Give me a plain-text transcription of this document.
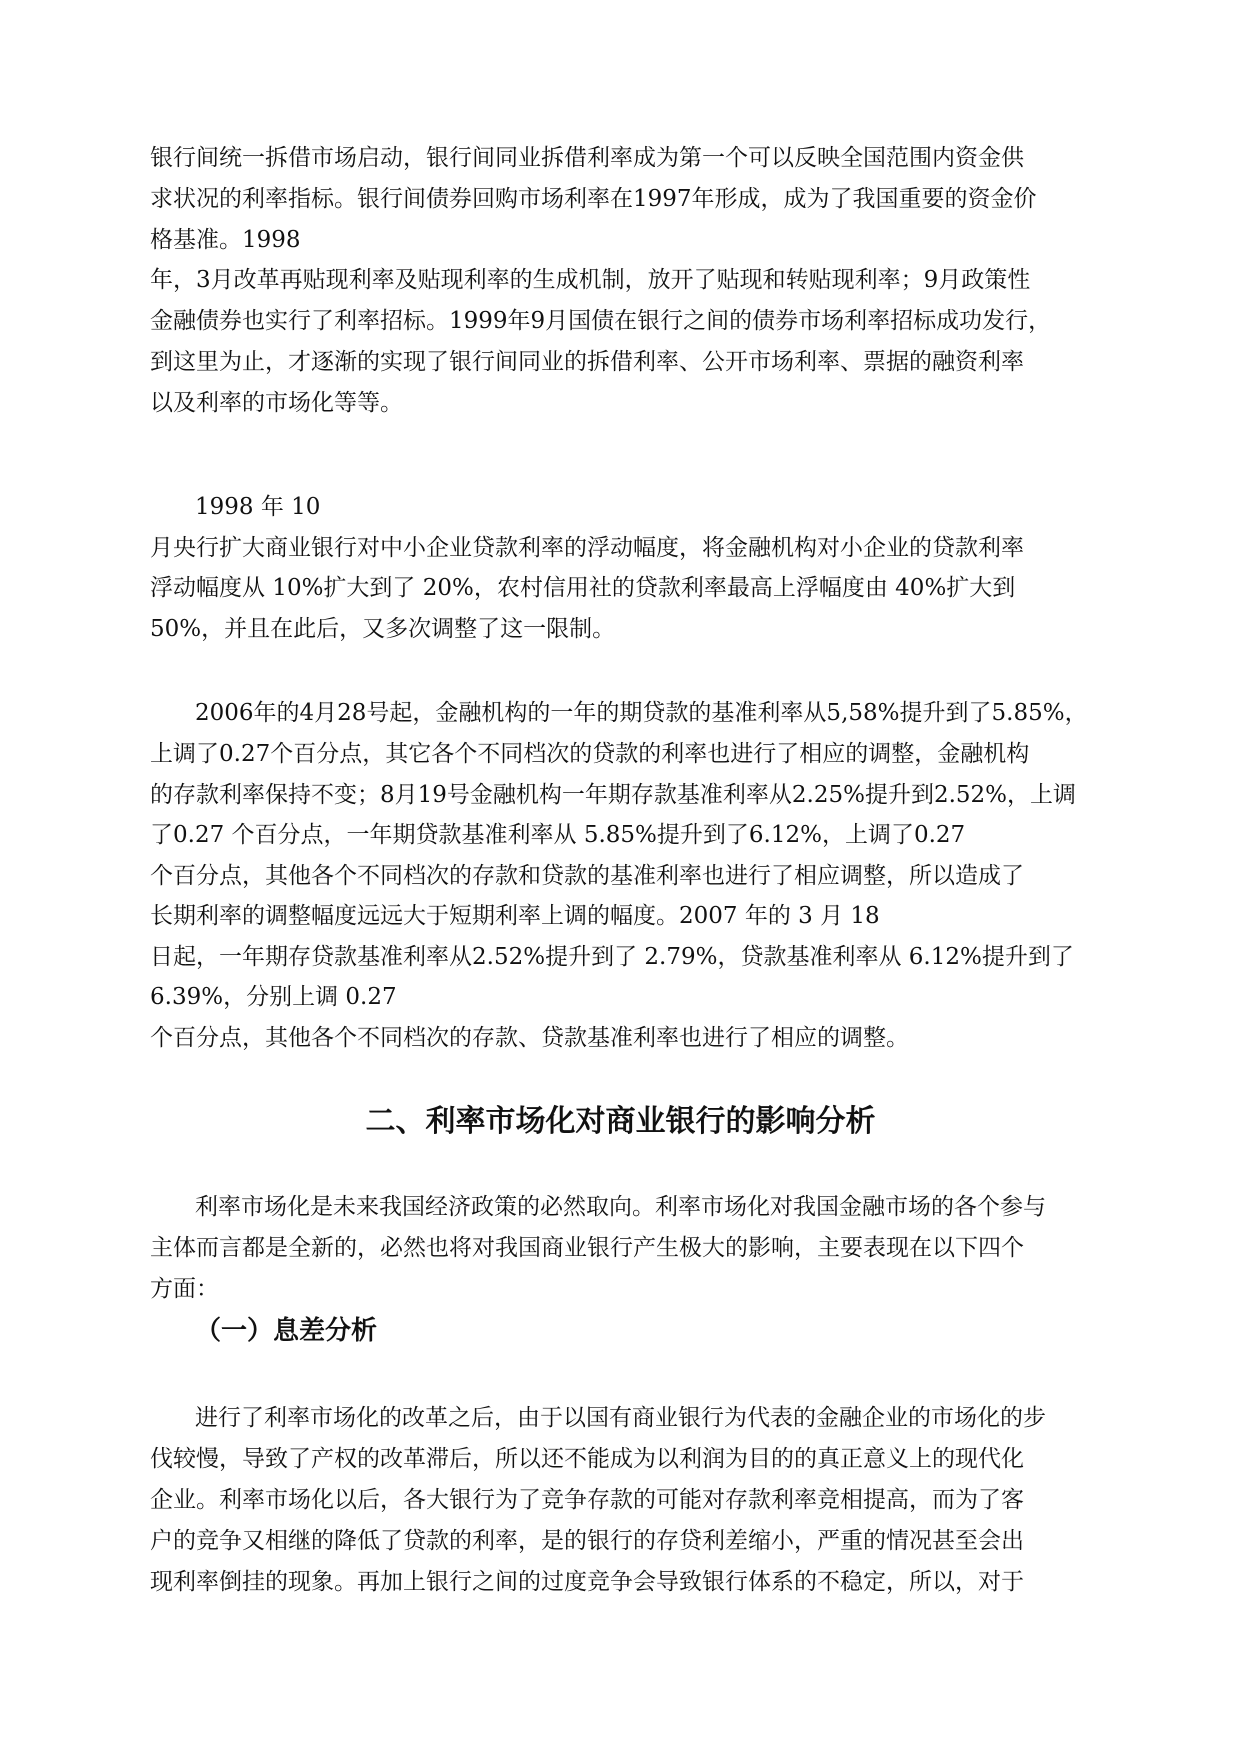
银行间统一拆借市场启动，银行间同业拆借利率成为第一个可以反映全国范围内资金供
求状况的利率指标。银行间债券回购市场利率在1997年形成，成为了我国重要的资金价
格基准。1998
年，3月改革再贴现利率及贴现利率的生成机制，放开了贴现和转贴现利率；9月政策性
金融债券也实行了利率招标。1999年9月国债在银行之间的债券市场利率招标成功发行，
到这里为止，才逐渐的实现了银行间同业的拆借利率、公开市场利率、票据的融资利率
以及利率的市场化等等。
1998 年 10
月央行扩大商业银行对中小企业贷款利率的浮动幅度，将金融机构对小企业的贷款利率
浮动幅度从 10%扩大到了 20%，农村信用社的贷款利率最高上浮幅度由 40%扩大到
50%，并且在此后，又多次调整了这一限制。
2006年的4月28号起，金融机构的一年的期贷款的基准利率从5,58%提升到了5.85%，
上调了0.27个百分点，其它各个不同档次的贷款的利率也进行了相应的调整，金融机构
的存款利率保持不变；8月19号金融机构一年期存款基准利率从2.25%提升到2.52%，上调
了0.27 个百分点，一年期贷款基准利率从 5.85%提升到了6.12%，上调了0.27
个百分点，其他各个不同档次的存款和贷款的基准利率也进行了相应调整，所以造成了
长期利率的调整幅度远远大于短期利率上调的幅度。2007 年的 3 月 18
日起，一年期存贷款基准利率从2.52%提升到了 2.79%，贷款基准利率从 6.12%提升到了
6.39%，分别上调 0.27
个百分点，其他各个不同档次的存款、贷款基准利率也进行了相应的调整。
二、利率市场化对商业银行的影响分析
利率市场化是未来我国经济政策的必然取向。利率市场化对我国金融市场的各个参与
主体而言都是全新的，必然也将对我国商业银行产生极大的影响，主要表现在以下四个
方面：
（一）息差分析
进行了利率市场化的改革之后，由于以国有商业银行为代表的金融企业的市场化的步
伐较慢，导致了产权的改革滞后，所以还不能成为以利润为目的的真正意义上的现代化
企业。利率市场化以后，各大银行为了竞争存款的可能对存款利率竞相提高，而为了客
户的竞争又相继的降低了贷款的利率，是的银行的存贷利差缩小，严重的情况甚至会出
现利率倒挂的现象。再加上银行之间的过度竞争会导致银行体系的不稳定，所以，对于
